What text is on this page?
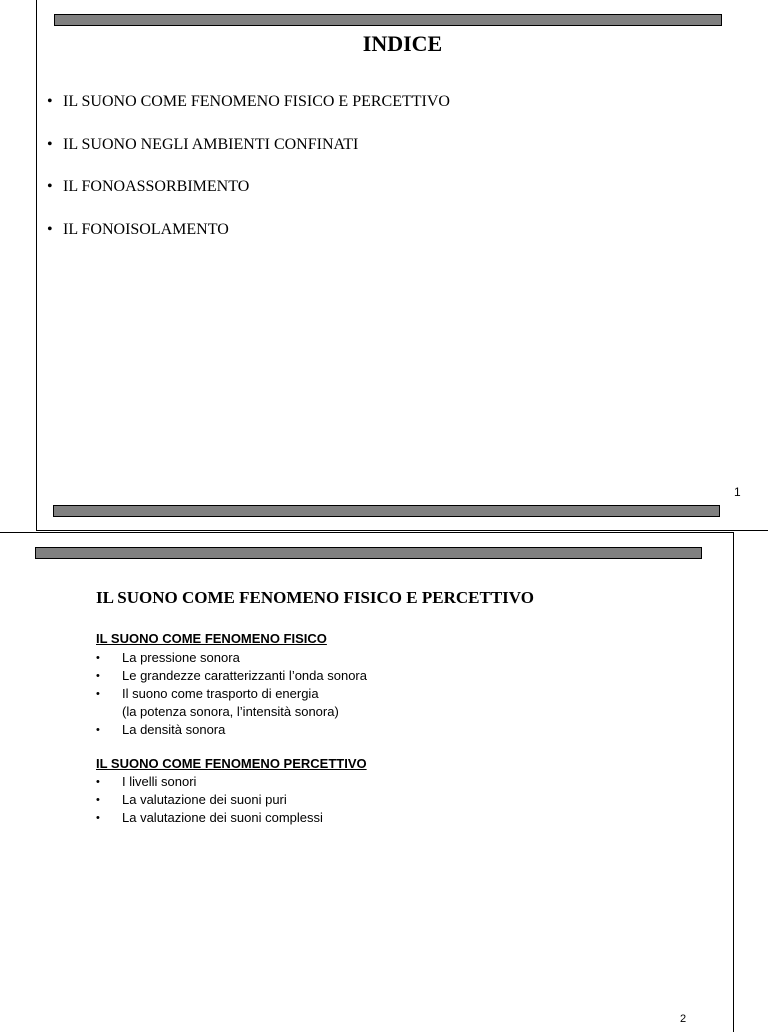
INDICE
• IL SUONO COME FENOMENO FISICO E PERCETTIVO
• IL SUONO NEGLI AMBIENTI CONFINATI
• IL FONOASSORBIMENTO
• IL FONOISOLAMENTO
1
IL SUONO COME FENOMENO FISICO E PERCETTIVO
IL SUONO COME FENOMENO FISICO
• La pressione sonora
• Le grandezze caratterizzanti l’onda sonora
• Il suono come trasporto di energia
(la potenza sonora, l’intensità sonora)
• La densità sonora
IL SUONO COME FENOMENO PERCETTIVO
• I livelli sonori
• La valutazione dei suoni puri
• La valutazione dei suoni complessi
2
